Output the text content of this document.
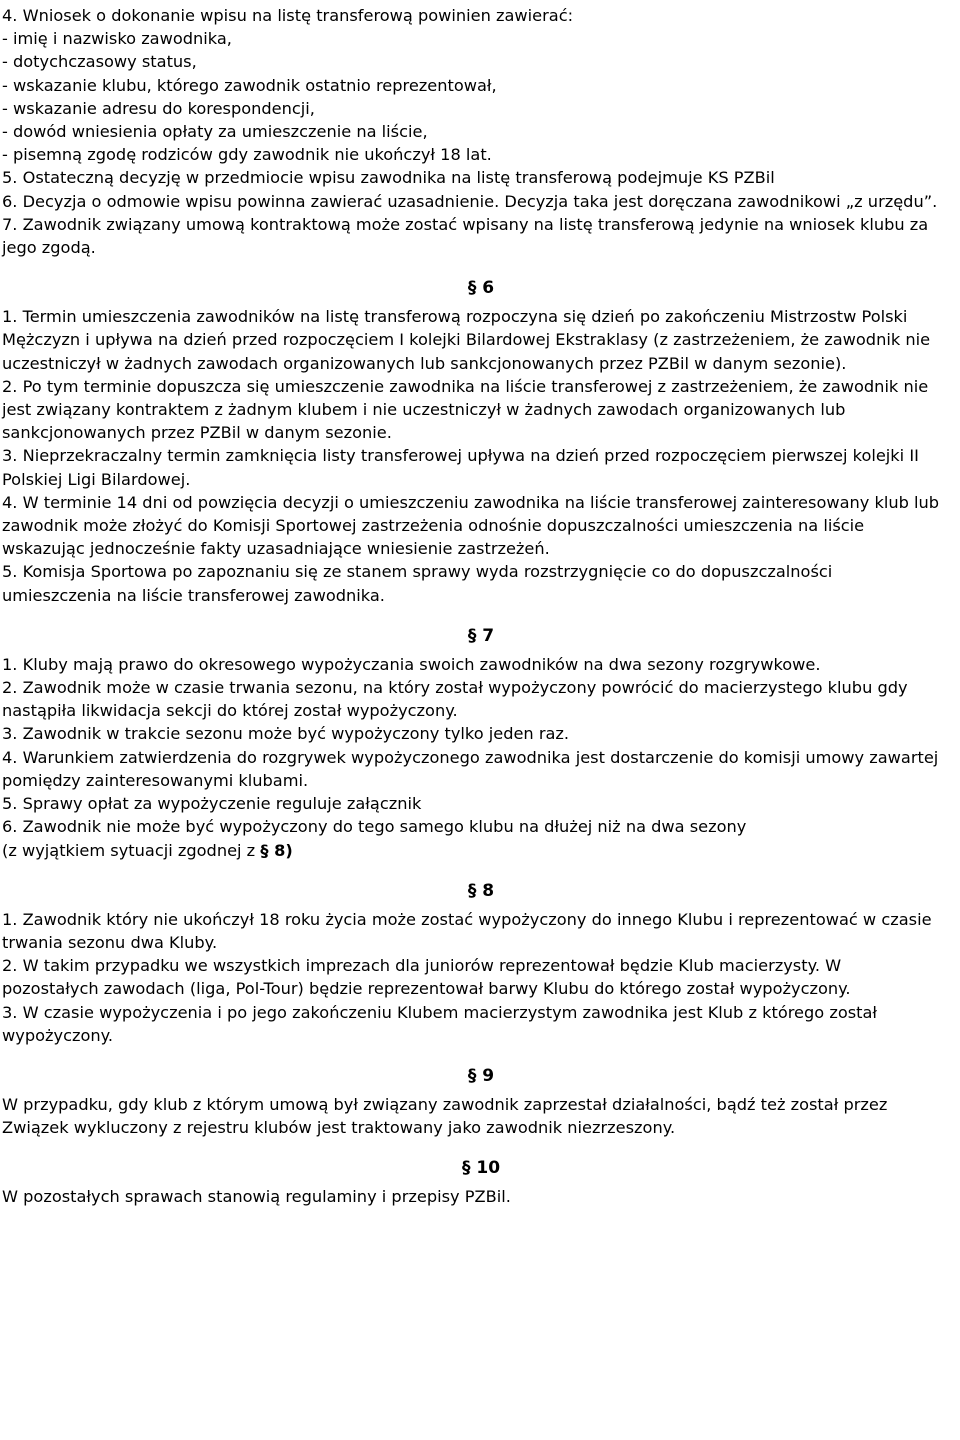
4. Wniosek o dokonanie wpisu na listę transferową powinien zawierać:

- imię i nazwisko zawodnika,

- dotychczasowy status,

- wskazanie klubu, którego zawodnik ostatnio reprezentował,

- wskazanie adresu do korespondencji,

- dowód wniesienia opłaty za umieszczenie na liście,

- pisemną zgodę rodziców gdy zawodnik nie ukończył 18 lat.

5. Ostateczną decyzję w przedmiocie wpisu zawodnika na listę transferową podejmuje KS PZBil

6. Decyzja o odmowie wpisu powinna zawierać uzasadnienie. Decyzja taka jest doręczana zawodnikowi „z urzędu”.

7. Zawodnik związany umową kontraktową może zostać wpisany na listę transferową jedynie na wniosek klubu za jego zgodą.

§ 6

1. Termin umieszczenia zawodników na listę transferową rozpoczyna się dzień po zakończeniu Mistrzostw Polski Mężczyzn i upływa na dzień przed rozpoczęciem I kolejki Bilardowej Ekstraklasy (z zastrzeżeniem, że zawodnik nie uczestniczył w żadnych zawodach organizowanych lub sankcjonowanych przez PZBil w danym sezonie).

2. Po tym terminie dopuszcza się umieszczenie zawodnika na liście transferowej z zastrzeżeniem, że zawodnik nie jest związany kontraktem z żadnym klubem i nie uczestniczył w żadnych zawodach organizowanych lub sankcjonowanych przez PZBil w danym sezonie.

3. Nieprzekraczalny termin zamknięcia listy transferowej upływa na dzień przed rozpoczęciem pierwszej kolejki II Polskiej Ligi Bilardowej.

4. W terminie 14 dni od powzięcia decyzji o umieszczeniu zawodnika na liście transferowej zainteresowany klub lub zawodnik może złożyć do Komisji Sportowej zastrzeżenia odnośnie dopuszczalności umieszczenia na liście wskazując jednocześnie fakty uzasadniające wniesienie zastrzeżeń.

5. Komisja Sportowa po zapoznaniu się ze stanem sprawy wyda rozstrzygnięcie co do dopuszczalności umieszczenia na liście transferowej zawodnika.

§ 7

1. Kluby mają prawo do okresowego wypożyczania swoich zawodników na dwa sezony rozgrywkowe.

2. Zawodnik może w czasie trwania sezonu, na który został wypożyczony powrócić do macierzystego klubu gdy nastąpiła likwidacja sekcji do której został wypożyczony.

3. Zawodnik w trakcie sezonu może być wypożyczony tylko jeden raz.

4. Warunkiem zatwierdzenia do rozgrywek wypożyczonego zawodnika jest dostarczenie do komisji umowy zawartej pomiędzy zainteresowanymi klubami.

5. Sprawy opłat za wypożyczenie reguluje załącznik

6. Zawodnik nie może być wypożyczony do tego samego klubu na dłużej niż na dwa sezony

(z wyjątkiem sytuacji zgodnej z § 8)

§ 8

1. Zawodnik który nie ukończył 18 roku życia może zostać wypożyczony do innego Klubu i reprezentować w czasie trwania sezonu dwa Kluby.

2. W takim przypadku we wszystkich imprezach dla juniorów reprezentował będzie Klub macierzysty. W pozostałych zawodach (liga, Pol-Tour) będzie reprezentował barwy Klubu do którego został wypożyczony.

3. W czasie wypożyczenia i po jego zakończeniu Klubem macierzystym zawodnika jest Klub z którego został wypożyczony.

§ 9

W przypadku, gdy klub z którym umową był związany zawodnik zaprzestał działalności, bądź też został przez Związek wykluczony z rejestru klubów jest traktowany jako zawodnik niezrzeszony.

§ 10

W pozostałych sprawach stanowią regulaminy i przepisy PZBil.
